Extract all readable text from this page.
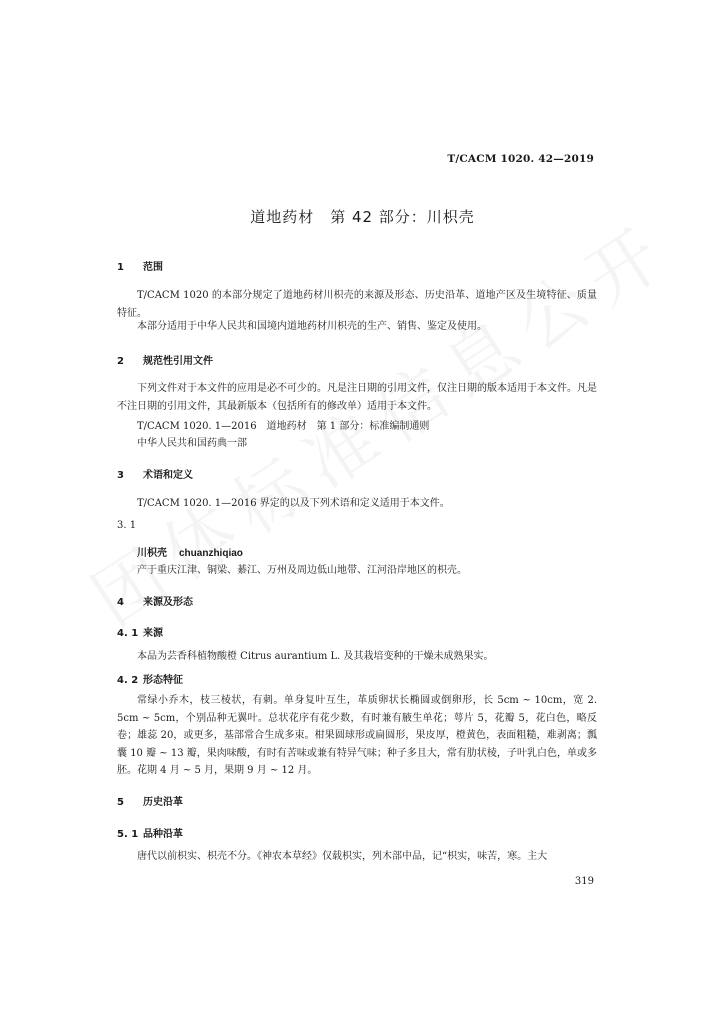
T/CACM 1020. 42—2019
道地药材　第 42 部分：川枳壳
1 范围
T/CACM 1020 的本部分规定了道地药材川枳壳的来源及形态、历史沿革、道地产区及生境特征、质量特征。
本部分适用于中华人民共和国境内道地药材川枳壳的生产、销售、鉴定及使用。
2 规范性引用文件
下列文件对于本文件的应用是必不可少的。凡是注日期的引用文件，仅注日期的版本适用于本文件。凡是不注日期的引用文件，其最新版本（包括所有的修改单）适用于本文件。
T/CACM 1020. 1—2016　道地药材　第 1 部分：标准编制通则
中华人民共和国药典一部
3 术语和定义
T/CACM 1020. 1—2016 界定的以及下列术语和定义适用于本文件。
3. 1
川枳壳 chuanzhiqiao
产于重庆江津、铜梁、綦江、万州及周边低山地带、江河沿岸地区的枳壳。
4 来源及形态
4. 1 来源
本品为芸香科植物酸橙 Citrus aurantium L. 及其栽培变种的干燥未成熟果实。
4. 2 形态特征
常绿小乔木，枝三棱状，有刺。单身复叶互生，革质卵状长椭圆或倒卵形，长 5cm ~ 10cm，宽 2. 5cm ~ 5cm，个别品种无翼叶。总状花序有花少数，有时兼有腋生单花；萼片 5，花瓣 5，花白色，略反卷；雄蕊 20，或更多，基部常合生成多束。柑果圆球形或扁圆形，果皮厚，橙黄色，表面粗糙，难剥离；瓢囊 10 瓣 ~ 13 瓣，果肉味酸，有时有苦味或兼有特异气味；种子多且大，常有肋状棱，子叶乳白色，单或多胚。花期 4 月 ~ 5 月，果期 9 月 ~ 12 月。
5 历史沿革
5. 1 品种沿革
唐代以前枳实、枳壳不分。《神农本草经》仅载枳实，列木部中品，记“枳实，味苦，寒。主大
319
